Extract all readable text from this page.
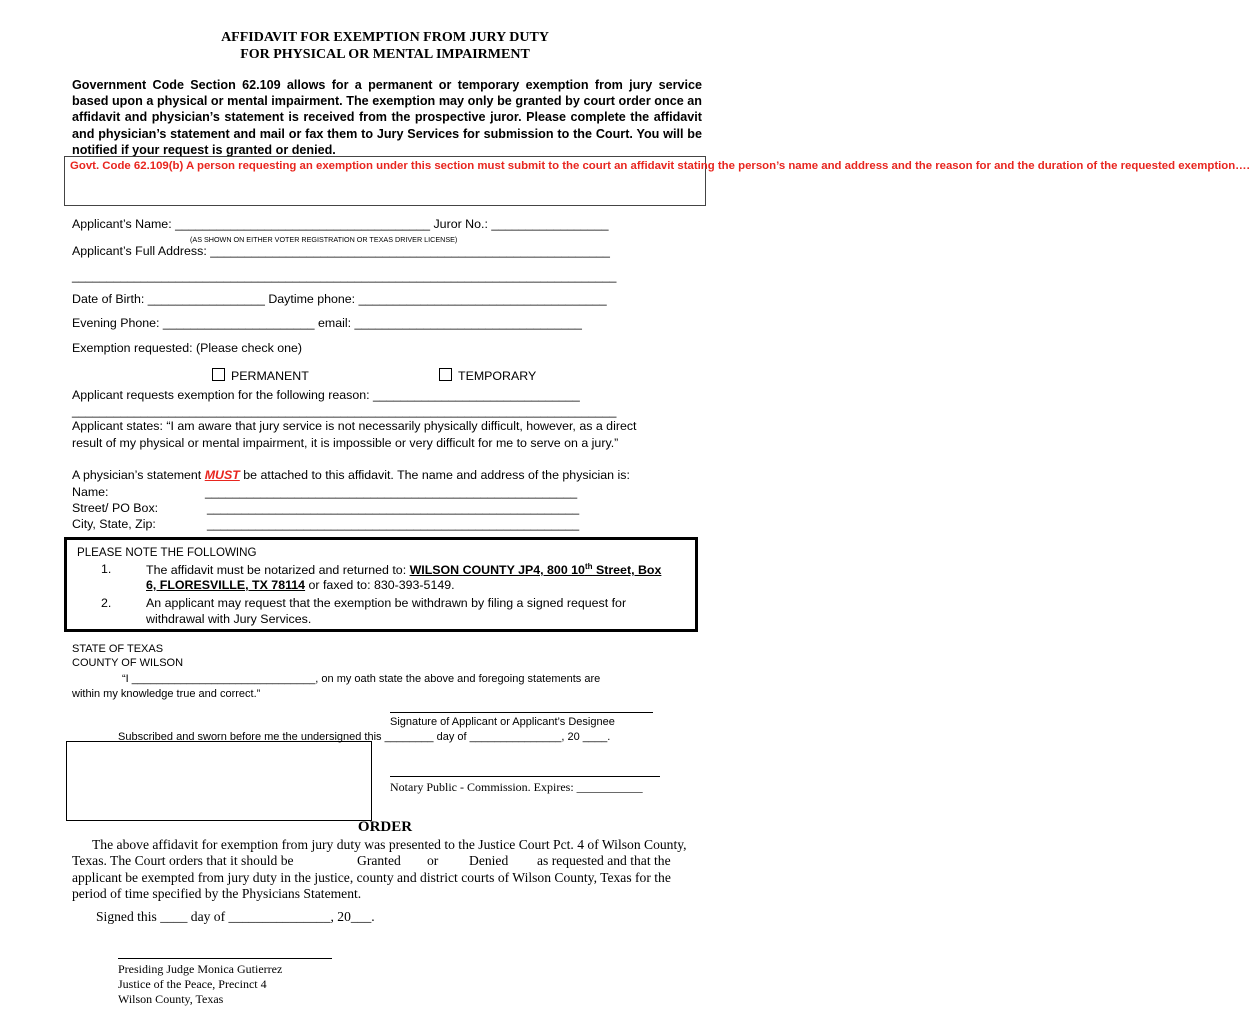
AFFIDAVIT FOR EXEMPTION FROM JURY DUTY
FOR PHYSICAL OR MENTAL IMPAIRMENT
Government Code Section 62.109 allows for a permanent or temporary exemption from jury service based upon a physical or mental impairment. The exemption may only be granted by court order once an affidavit and physician’s statement is received from the prospective juror. Please complete the affidavit and physician’s statement and mail or fax them to Jury Services for submission to the Court. You will be notified if your request is granted or denied.
Govt. Code 62.109(b) A person requesting an exemption under this section must submit to the court an affidavit stating the person’s name and address and the reason for and the duration of the requested exemption….
Applicant’s Name: _____________________________________ Juror No.: _________________
(AS SHOWN ON EITHER VOTER REGISTRATION OR TEXAS DRIVER LICENSE)
Applicant’s Full Address: __________________________________________________________
_______________________________________________________________________________
Date of Birth: _________________ Daytime phone: ____________________________________
Evening Phone: ______________________ email: _________________________________
Exemption requested: (Please check one)
PERMANENT	TEMPORARY
Applicant requests exemption for the following reason: ______________________________
_______________________________________________________________________________
Applicant states: “I am aware that jury service is not necessarily physically difficult, however, as a direct
result of my physical or mental impairment, it is impossible or very difficult for me to serve on a jury.”
A physician’s statement MUST be attached to this affidavit. The name and address of the physician is:
Name:	______________________________________________________
Street/ PO Box:	______________________________________________________
City, State, Zip:	______________________________________________________
PLEASE NOTE THE FOLLOWING
1.	The affidavit must be notarized and returned to: WILSON COUNTY JP4, 800 10th Street, Box
6, FLORESVILLE, TX 78114 or faxed to: 830-393-5149.
2.	An applicant may request that the exemption be withdrawn by filing a signed request for
withdrawal with Jury Services.
STATE OF TEXAS
COUNTY OF WILSON
“I ______________________________, on my oath state the above and foregoing statements are
within my knowledge true and correct.”
Signature of Applicant or Applicant’s Designee
Subscribed and sworn before me the undersigned this ________ day of _______________, 20 ____.
Notary Public - Commission. Expires: ___________
ORDER
The above affidavit for exemption from jury duty was presented to the Justice Court Pct. 4 of Wilson County,
Texas. The Court orders that it should be	Granted or Denied as requested and that the
applicant be exempted from jury duty in the justice, county and district courts of Wilson County, Texas for the
period of time specified by the Physicians Statement.
Signed this ____ day of _______________, 20___.
Presiding Judge Monica Gutierrez
Justice of the Peace, Precinct 4
Wilson County, Texas
